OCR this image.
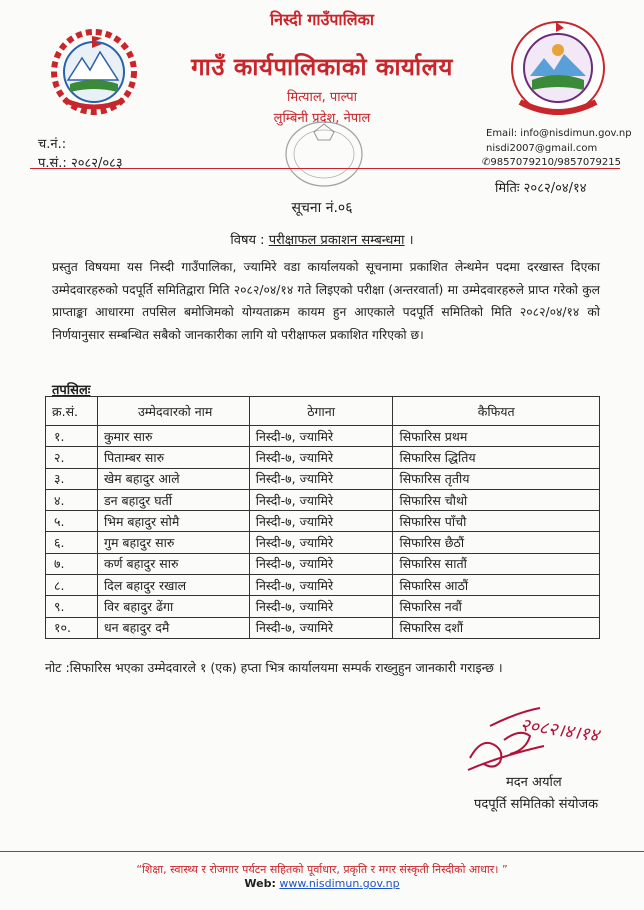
निस्दी गाउँपालिका
गाउँ कार्यपालिकाको कार्यालय
मित्याल, पाल्पा
लुम्बिनी प्रदेश, नेपाल
च.नं.:
प.सं.: २०८२/०८३
Email: info@nisdimun.gov.np
nisdi2007@gmail.com
✆9857079210/9857079215
मितिः २०८२/०४/१४
सूचना नं.०६
विषय : परीक्षाफल प्रकाशन सम्बन्धमा ।
प्रस्तुत विषयमा यस निस्दी गाउँपालिका, ज्यामिरे वडा कार्यालयको सूचनामा प्रकाशित लेन्थमेन पदमा दरखास्त दिएका उम्मेदवारहरुको पदपूर्ति समितिद्वारा मिति २०८२/०४/१४ गते लिइएको परीक्षा (अन्तरवार्ता) मा उम्मेदवारहरुले प्राप्त गरेको कुल प्राप्ताङ्का आधारमा तपसिल बमोजिमको योग्यताक्रम कायम हुन आएकाले पदपूर्ति समितिको मिति २०८२/०४/१४ को निर्णयानुसार सम्बन्धित सबैको जानकारीका लागि यो परीक्षाफल प्रकाशित गरिएको छ।
तपसिलः
क्र.सं.	उम्मेदवारको नाम	ठेगाना	कैफियत
१.	कुमार सारु	निस्दी-७, ज्यामिरे	सिफारिस प्रथम
२.	पिताम्बर सारु	निस्दी-७, ज्यामिरे	सिफारिस द्धितिय
३.	खेम बहादुर आले	निस्दी-७, ज्यामिरे	सिफारिस तृतीय
४.	डन बहादुर घर्ती	निस्दी-७, ज्यामिरे	सिफारिस चौथो
५.	भिम बहादुर सोमै	निस्दी-७, ज्यामिरे	सिफारिस पाँचौ
६.	गुम बहादुर सारु	निस्दी-७, ज्यामिरे	सिफारिस छैठौं
७.	कर्ण बहादुर सारु	निस्दी-७, ज्यामिरे	सिफारिस सातौं
८.	दिल बहादुर रखाल	निस्दी-७, ज्यामिरे	सिफारिस आठौं
९.	विर बहादुर ढेंगा	निस्दी-७, ज्यामिरे	सिफारिस नवौं
१०.	धन बहादुर दमै	निस्दी-७, ज्यामिरे	सिफारिस दशौं
नोट :सिफारिस भएका उम्मेदवारले १ (एक) हप्ता भित्र कार्यालयमा सम्पर्क राख्नुहुन जानकारी गराइन्छ ।
२०८२।४।१४
मदन अर्याल
पदपूर्ति समितिको संयोजक
“शिक्षा, स्वास्थ्य र रोजगार पर्यटन सहितको पूर्वाधार, प्रकृति र मगर संस्कृती निस्दीको आधार। ”
Web: www.nisdimun.gov.np
